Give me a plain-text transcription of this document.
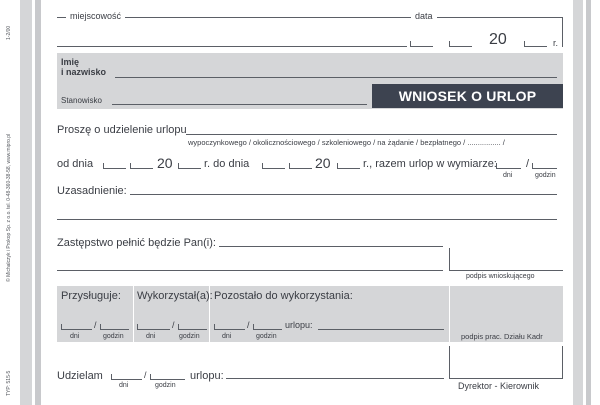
© Michalczyk i Prokop Sp. z o.o. tel. 0-48-360-38-58, www.mipro.pl
TYP: 515-5
1-2/00
miejscowość	data
20	r.
Imię
i nazwisko
Stanowisko	WNIOSEK O URLOP
Proszę o udzielenie urlopu
wypoczynkowego / okolicznościowego / szkoleniowego / na żądanie / bezpłatnego / ................ /
od dnia	20	r. do dnia	20	r., razem urlop w wymiarze:	/
dni	godzin
Uzasadnienie:
Zastępstwo pełnić będzie Pan(i):
podpis wnioskującego
Przysługuje: Wykorzystał(a): Pozostało do wykorzystania:
/
dni	godzin
/
dni	godzin
/
dni	godzin
urlopu:
podpis prac. Działu Kadr
Udzielam	/
dni	godzin
urlopu:
Dyrektor - Kierownik
